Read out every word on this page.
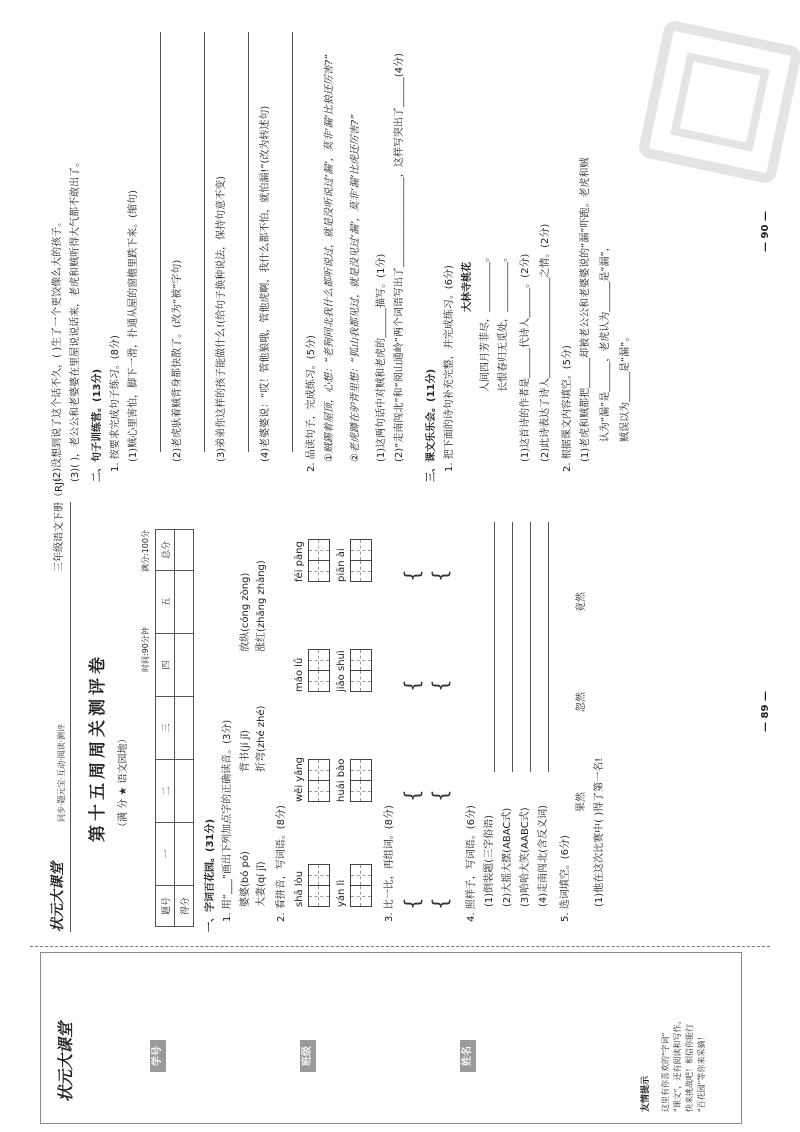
友情提示 这里有你喜欢的"字词" "课文"，还有阅读和写作。 快来挑战吧！相信你能行 "百花园"等你来采摘！
姓名
班级
学号
状元大课堂
状元大课堂
同步·题元宝·互动·阅读·测评
三年级语文下册（RJ）
第十五周周关测评卷 （满 分 ★ 语文园地）
时间:90分钟
满分:100分
题号	一	二	三	四	五	总分
得分						一、字词百花园。(31分) 1. 用“___”画出下列加点字的正确读音。(3分) 婆婆(bó pó)
背书(jí jǐ)
放纵(cóng zòng)
大妻(qí jǐ)
折弯(zhé zhé)
涨红(zhǎng zhàng)
2. 看拼音，写词语。(8分) shā lòu
wěi yǎng
máo lǘ
féi pàng
yán lì
huái bào
jiāo shuì
piān ài
3. 比一比，再组词。(8分) {
{
{
{
{
{
{
{
4. 照样子，写词语。(6分) (1)倒装题(三字俗语) (2)大摇大摆(ABAC式) (3)哈哈大笑(AABC式) (4)走南闯北(含反义词) 5. 选词填空。(6分)
果然
忽然
竟然
(1)他在这次比赛中( )得了第一名!
— 89 —
(2)没想到说了这个话不久，( )生了一个更饺像么大的孩子。 (3)( )，老公公和老婆婆在里屋说说话来，老虎和贼听得大气都不敢出了。 二、句子训练营。(13分) 1. 按要求完成句子练习。(8分) (1)贼心里害怕，脚下一滑，扑通从屋的窗檐里跌下来。(缩句)	(2)老虎驮着贼背身都快散了。(改为“被”字句)	(3)弟弟你这样的孩子能做什么!(给句子换种说法，保持句意不变)	(4)老婆婆说：“哎！管他狼哦，管他虎啊，我什么都不怕，就怕漏!”(改为转述句)	2. 品读句子，完成练习。(5分) ①贼踢着屋顶，心想：“老狗同北我什么都听说过，就是没听说过‘漏’，莫非‘漏’比狼还厉害?” ②老虎蹲在驴背里想：“狐山我都见过，就是没见过‘漏’，莫非‘漏’比虎还厉害?” (1)这两句话中对贼和老虎的______描写。(1分) (2)“走南闯北”和“阅山通岭”两个词语写出了__________________，这样写突出了______(4分) 三、课文乐乐会。(11分) 1. 把下面的诗句补充完整，并完成练习。(6分) 大林寺桃花 人间四月芳菲尽，__________。 长恨春归无觅处，__________。 (1)这首诗的作者是______代诗人______。(2分) (2)此诗表达了诗人____________________之情。(2分) 2. 根据课文内容填空。(5分) (1)老虎和贼都把______却被老公公和老婆婆说的“漏”吓跑。老虎和贼 认为“漏”是______，老虎认为______是“漏”， 贼误以为______是“漏”。
— 90 —
